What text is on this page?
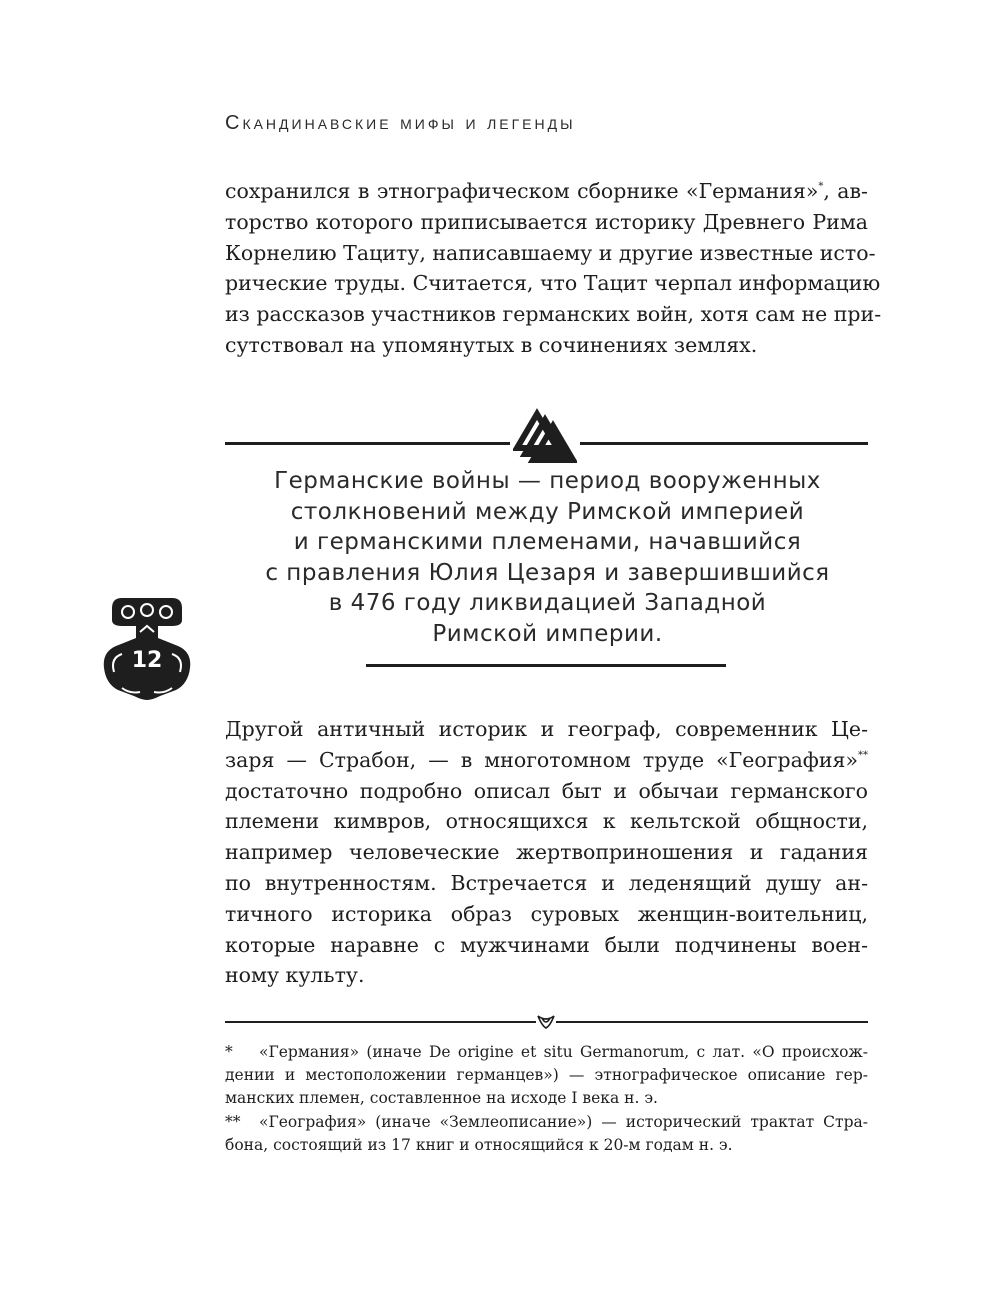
Скандинавские мифы и легенды
сохранился в этнографическом сборнике «Германия»*, ав-
торство которого приписывается историку Древнего Рима
Корнелию Тациту, написавшаему и другие известные исто-
рические труды. Считается, что Тацит черпал информацию
из рассказов участников германских войн, хотя сам не при-
сутствовал на упомянутых в сочинениях землях.
Германские войны — период вооруженных
столкновений между Римской империей
и германскими племенами, начавшийся
с правления Юлия Цезаря и завершившийся
в 476 году ликвидацией Западной
Римской империи.
12
Другой античный историк и географ, современник Це-
заря — Страбон, — в многотомном труде «География»**
достаточно подробно описал быт и обычаи германского
племени кимвров, относящихся к кельтской общности,
например человеческие жертвоприношения и гадания
по внутренностям. Встречается и леденящий душу ан-
тичного историка образ суровых женщин-воительниц,
которые наравне с мужчинами были подчинены воен-
ному культу.
* «Германия» (иначе De origine et situ Germanorum, с лат. «О происхож-
дении и местоположении германцев») — этнографическое описание гер-
манских племен, составленное на исходе I века н. э.
** «География» (иначе «Землеописание») — исторический трактат Стра-
бона, состоящий из 17 книг и относящийся к 20-м годам н. э.
